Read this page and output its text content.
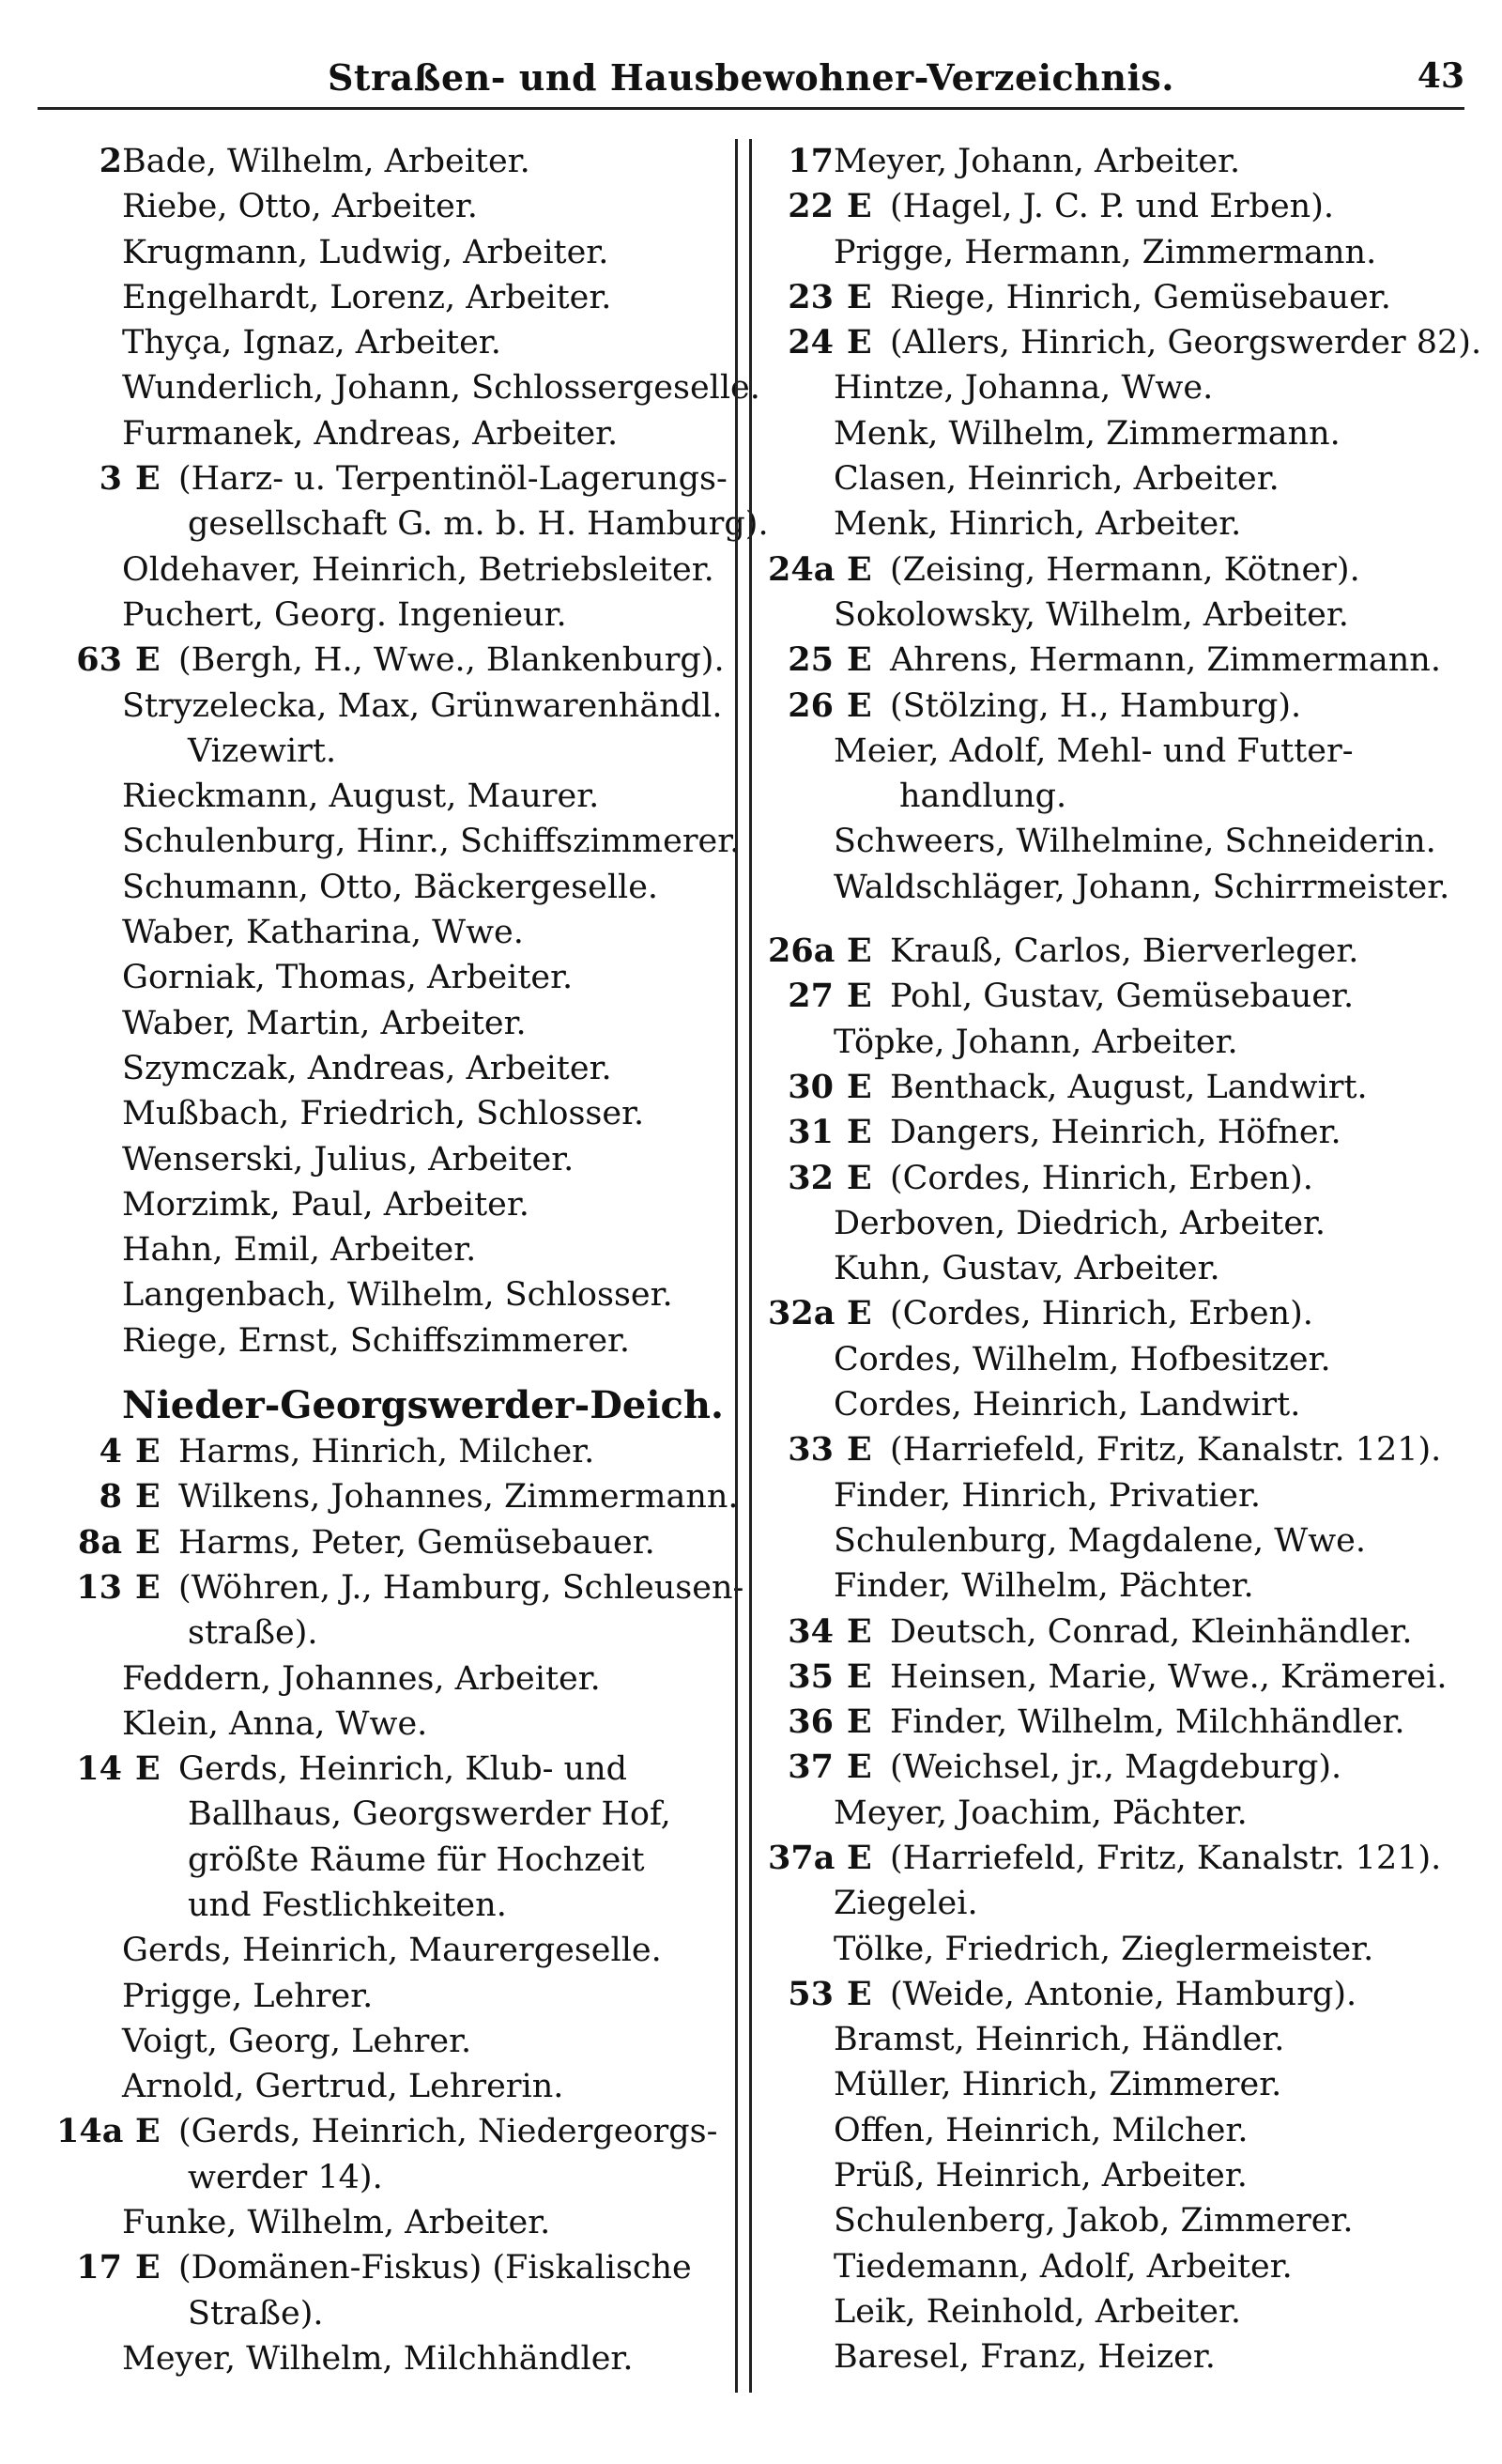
Straßen- und Hausbewohner-Verzeichnis.	43
2 Bade, Wilhelm, Arbeiter.
Riebe, Otto, Arbeiter.
Krugmann, Ludwig, Arbeiter.
Engelhardt, Lorenz, Arbeiter.
Thyça, Ignaz, Arbeiter.
Wunderlich, Johann, Schlossergeselle.
Furmanek, Andreas, Arbeiter.
3 E (Harz- u. Terpentinöl-Lagerungs-
gesellschaft G. m. b. H. Hamburg).
Oldehaver, Heinrich, Betriebsleiter.
Puchert, Georg. Ingenieur.
63 E (Bergh, H., Wwe., Blankenburg).
Stryzelecka, Max, Grünwarenhändl.
Vizewirt.
Rieckmann, August, Maurer.
Schulenburg, Hinr., Schiffszimmerer.
Schumann, Otto, Bäckergeselle.
Waber, Katharina, Wwe.
Gorniak, Thomas, Arbeiter.
Waber, Martin, Arbeiter.
Szymczak, Andreas, Arbeiter.
Mußbach, Friedrich, Schlosser.
Wenserski, Julius, Arbeiter.
Morzimk, Paul, Arbeiter.
Hahn, Emil, Arbeiter.
Langenbach, Wilhelm, Schlosser.
Riege, Ernst, Schiffszimmerer.
Nieder-Georgswerder-Deich.
4 E Harms, Hinrich, Milcher.
8 E Wilkens, Johannes, Zimmermann.
8a E Harms, Peter, Gemüsebauer.
13 E (Wöhren, J., Hamburg, Schleusen-
straße).
Feddern, Johannes, Arbeiter.
Klein, Anna, Wwe.
14 E Gerds, Heinrich, Klub- und
Ballhaus, Georgswerder Hof,
größte Räume für Hochzeit
und Festlichkeiten.
Gerds, Heinrich, Maurergeselle.
Prigge, Lehrer.
Voigt, Georg, Lehrer.
Arnold, Gertrud, Lehrerin.
14a E (Gerds, Heinrich, Niedergeorgs-
werder 14).
Funke, Wilhelm, Arbeiter.
17 E (Domänen-Fiskus) (Fiskalische
Straße).
Meyer, Wilhelm, Milchhändler.
17 Meyer, Johann, Arbeiter.
22 E (Hagel, J. C. P. und Erben).
Prigge, Hermann, Zimmermann.
23 E Riege, Hinrich, Gemüsebauer.
24 E (Allers, Hinrich, Georgswerder 82).
Hintze, Johanna, Wwe.
Menk, Wilhelm, Zimmermann.
Clasen, Heinrich, Arbeiter.
Menk, Hinrich, Arbeiter.
24a E (Zeising, Hermann, Kötner).
Sokolowsky, Wilhelm, Arbeiter.
25 E Ahrens, Hermann, Zimmermann.
26 E (Stölzing, H., Hamburg).
Meier, Adolf, Mehl- und Futter-
handlung.
Schweers, Wilhelmine, Schneiderin.
Waldschläger, Johann, Schirrmeister.
26a E Krauß, Carlos, Bierverleger.
27 E Pohl, Gustav, Gemüsebauer.
Töpke, Johann, Arbeiter.
30 E Benthack, August, Landwirt.
31 E Dangers, Heinrich, Höfner.
32 E (Cordes, Hinrich, Erben).
Derboven, Diedrich, Arbeiter.
Kuhn, Gustav, Arbeiter.
32a E (Cordes, Hinrich, Erben).
Cordes, Wilhelm, Hofbesitzer.
Cordes, Heinrich, Landwirt.
33 E (Harriefeld, Fritz, Kanalstr. 121).
Finder, Hinrich, Privatier.
Schulenburg, Magdalene, Wwe.
Finder, Wilhelm, Pächter.
34 E Deutsch, Conrad, Kleinhändler.
35 E Heinsen, Marie, Wwe., Krämerei.
36 E Finder, Wilhelm, Milchhändler.
37 E (Weichsel, jr., Magdeburg).
Meyer, Joachim, Pächter.
37a E (Harriefeld, Fritz, Kanalstr. 121).
Ziegelei.
Tölke, Friedrich, Zieglermeister.
53 E (Weide, Antonie, Hamburg).
Bramst, Heinrich, Händler.
Müller, Hinrich, Zimmerer.
Offen, Heinrich, Milcher.
Prüß, Heinrich, Arbeiter.
Schulenberg, Jakob, Zimmerer.
Tiedemann, Adolf, Arbeiter.
Leik, Reinhold, Arbeiter.
Baresel, Franz, Heizer.
